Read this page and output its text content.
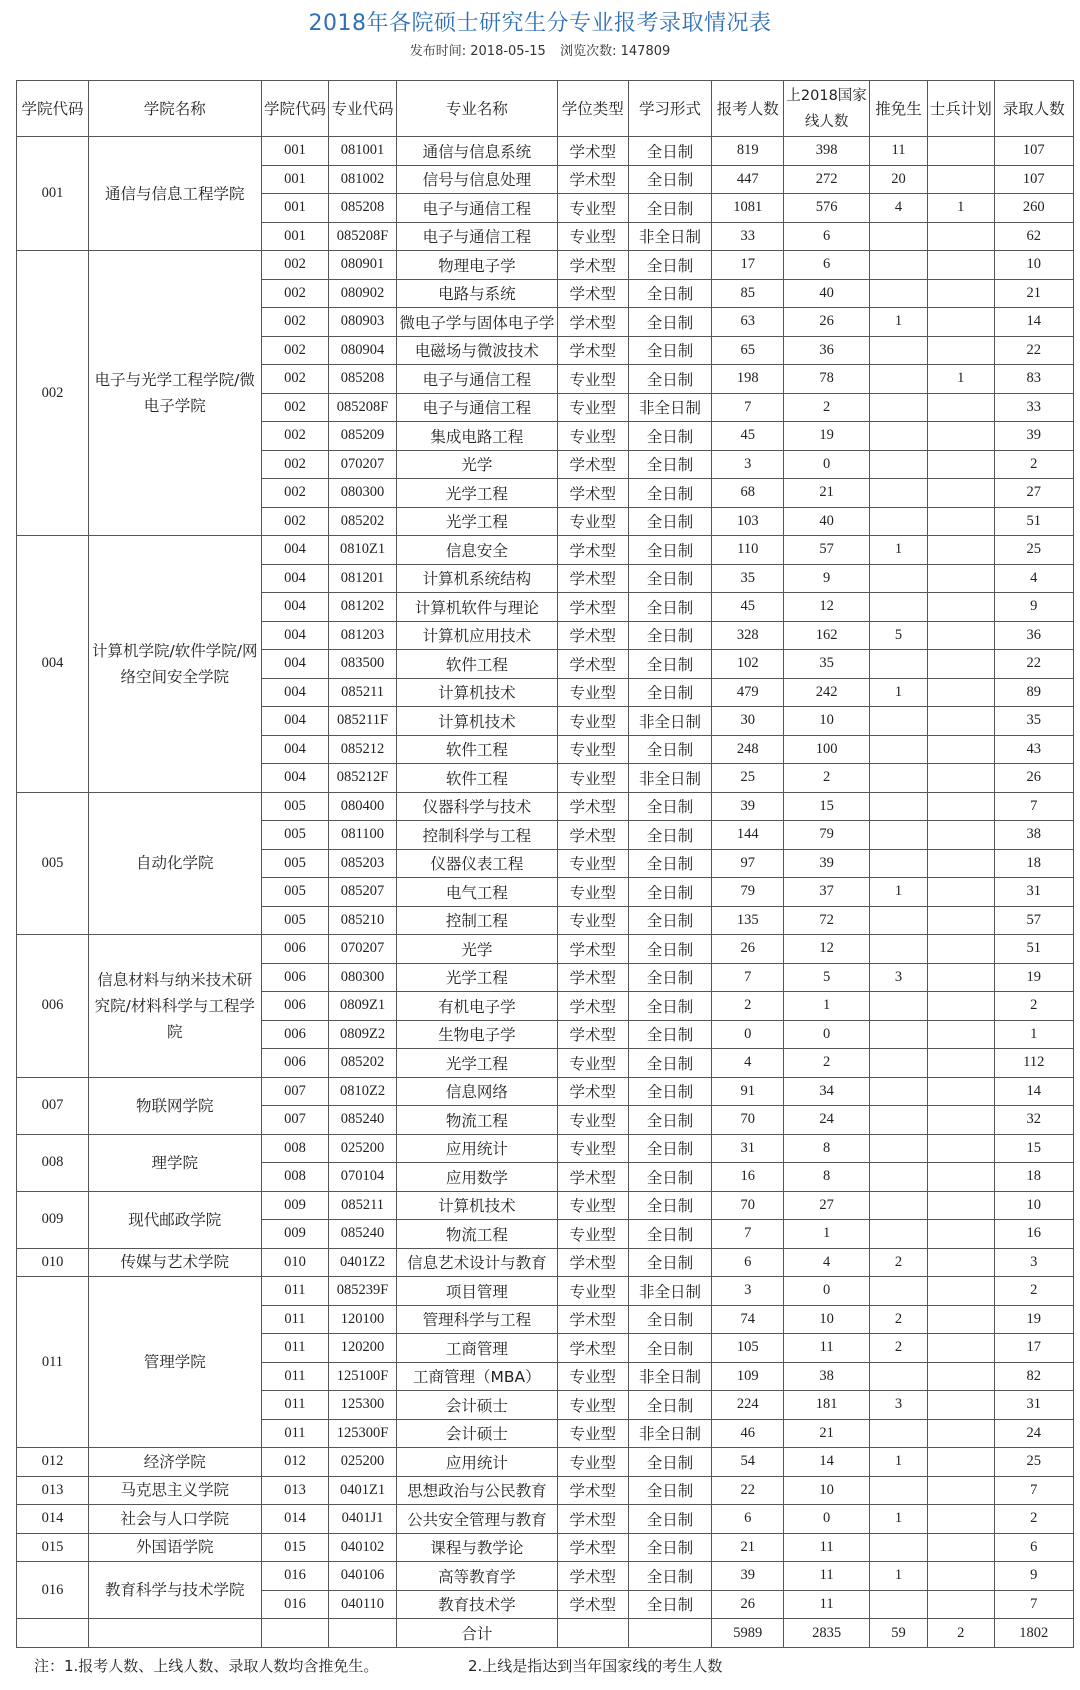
2018年各院硕士研究生分专业报考录取情况表
发布时间: 2018-05-15 浏览次数: 147809
学院代码	学院名称	学院代码	专业代码	专业名称	学位类型	学习形式	报考人数	上2018国家线人数	推免生	士兵计划	录取人数
001	通信与信息工程学院	001	081001	通信与信息系统	学术型	全日制	819	398	11		107
		001	081002	信号与信息处理	学术型	全日制	447	272	20		107
		001	085208	电子与通信工程	专业型	全日制	1081	576	4	1	260
		001	085208F	电子与通信工程	专业型	非全日制	33	6			62
002	电子与光学工程学院/微电子学院	002	080901	物理电子学	学术型	全日制	17	6			10
		002	080902	电路与系统	学术型	全日制	85	40			21
		002	080903	微电子学与固体电子学	学术型	全日制	63	26	1		14
		002	080904	电磁场与微波技术	学术型	全日制	65	36			22
		002	085208	电子与通信工程	专业型	全日制	198	78		1	83
		002	085208F	电子与通信工程	专业型	非全日制	7	2			33
		002	085209	集成电路工程	专业型	全日制	45	19			39
		002	070207	光学	学术型	全日制	3	0			2
		002	080300	光学工程	学术型	全日制	68	21			27
		002	085202	光学工程	专业型	全日制	103	40			51
004	计算机学院/软件学院/网络空间安全学院	004	0810Z1	信息安全	学术型	全日制	110	57	1		25
		004	081201	计算机系统结构	学术型	全日制	35	9			4
		004	081202	计算机软件与理论	学术型	全日制	45	12			9
		004	081203	计算机应用技术	学术型	全日制	328	162	5		36
		004	083500	软件工程	学术型	全日制	102	35			22
		004	085211	计算机技术	专业型	全日制	479	242	1		89
		004	085211F	计算机技术	专业型	非全日制	30	10			35
		004	085212	软件工程	专业型	全日制	248	100			43
		004	085212F	软件工程	专业型	非全日制	25	2			26
005	自动化学院	005	080400	仪器科学与技术	学术型	全日制	39	15			7
		005	081100	控制科学与工程	学术型	全日制	144	79			38
		005	085203	仪器仪表工程	专业型	全日制	97	39			18
		005	085207	电气工程	专业型	全日制	79	37	1		31
		005	085210	控制工程	专业型	全日制	135	72			57
006	信息材料与纳米技术研究院/材料科学与工程学院	006	070207	光学	学术型	全日制	26	12			51
		006	080300	光学工程	学术型	全日制	7	5	3		19
		006	0809Z1	有机电子学	学术型	全日制	2	1			2
		006	0809Z2	生物电子学	学术型	全日制	0	0			1
		006	085202	光学工程	专业型	全日制	4	2			112
007	物联网学院	007	0810Z2	信息网络	学术型	全日制	91	34			14
		007	085240	物流工程	专业型	全日制	70	24			32
008	理学院	008	025200	应用统计	专业型	全日制	31	8			15
		008	070104	应用数学	学术型	全日制	16	8			18
009	现代邮政学院	009	085211	计算机技术	专业型	全日制	70	27			10
		009	085240	物流工程	专业型	全日制	7	1			16
010	传媒与艺术学院	010	0401Z2	信息艺术设计与教育	学术型	全日制	6	4	2		3
011	管理学院	011	085239F	项目管理	专业型	非全日制	3	0			2
		011	120100	管理科学与工程	学术型	全日制	74	10	2		19
		011	120200	工商管理	学术型	全日制	105	11	2		17
		011	125100F	工商管理（MBA）	专业型	非全日制	109	38			82
		011	125300	会计硕士	专业型	全日制	224	181	3		31
		011	125300F	会计硕士	专业型	非全日制	46	21			24
012	经济学院	012	025200	应用统计	专业型	全日制	54	14	1		25
013	马克思主义学院	013	0401Z1	思想政治与公民教育	学术型	全日制	22	10			7
014	社会与人口学院	014	0401J1	公共安全管理与教育	学术型	全日制	6	0	1		2
015	外国语学院	015	040102	课程与教学论	学术型	全日制	21	11			6
016	教育科学与技术学院	016	040106	高等教育学	学术型	全日制	39	11	1		9
		016	040110	教育技术学	学术型	全日制	26	11			7
				合计			5989	2835	59	2	1802
注：1.报考人数、上线人数、录取人数均含推免生。	2.上线是指达到当年国家线的考生人数
